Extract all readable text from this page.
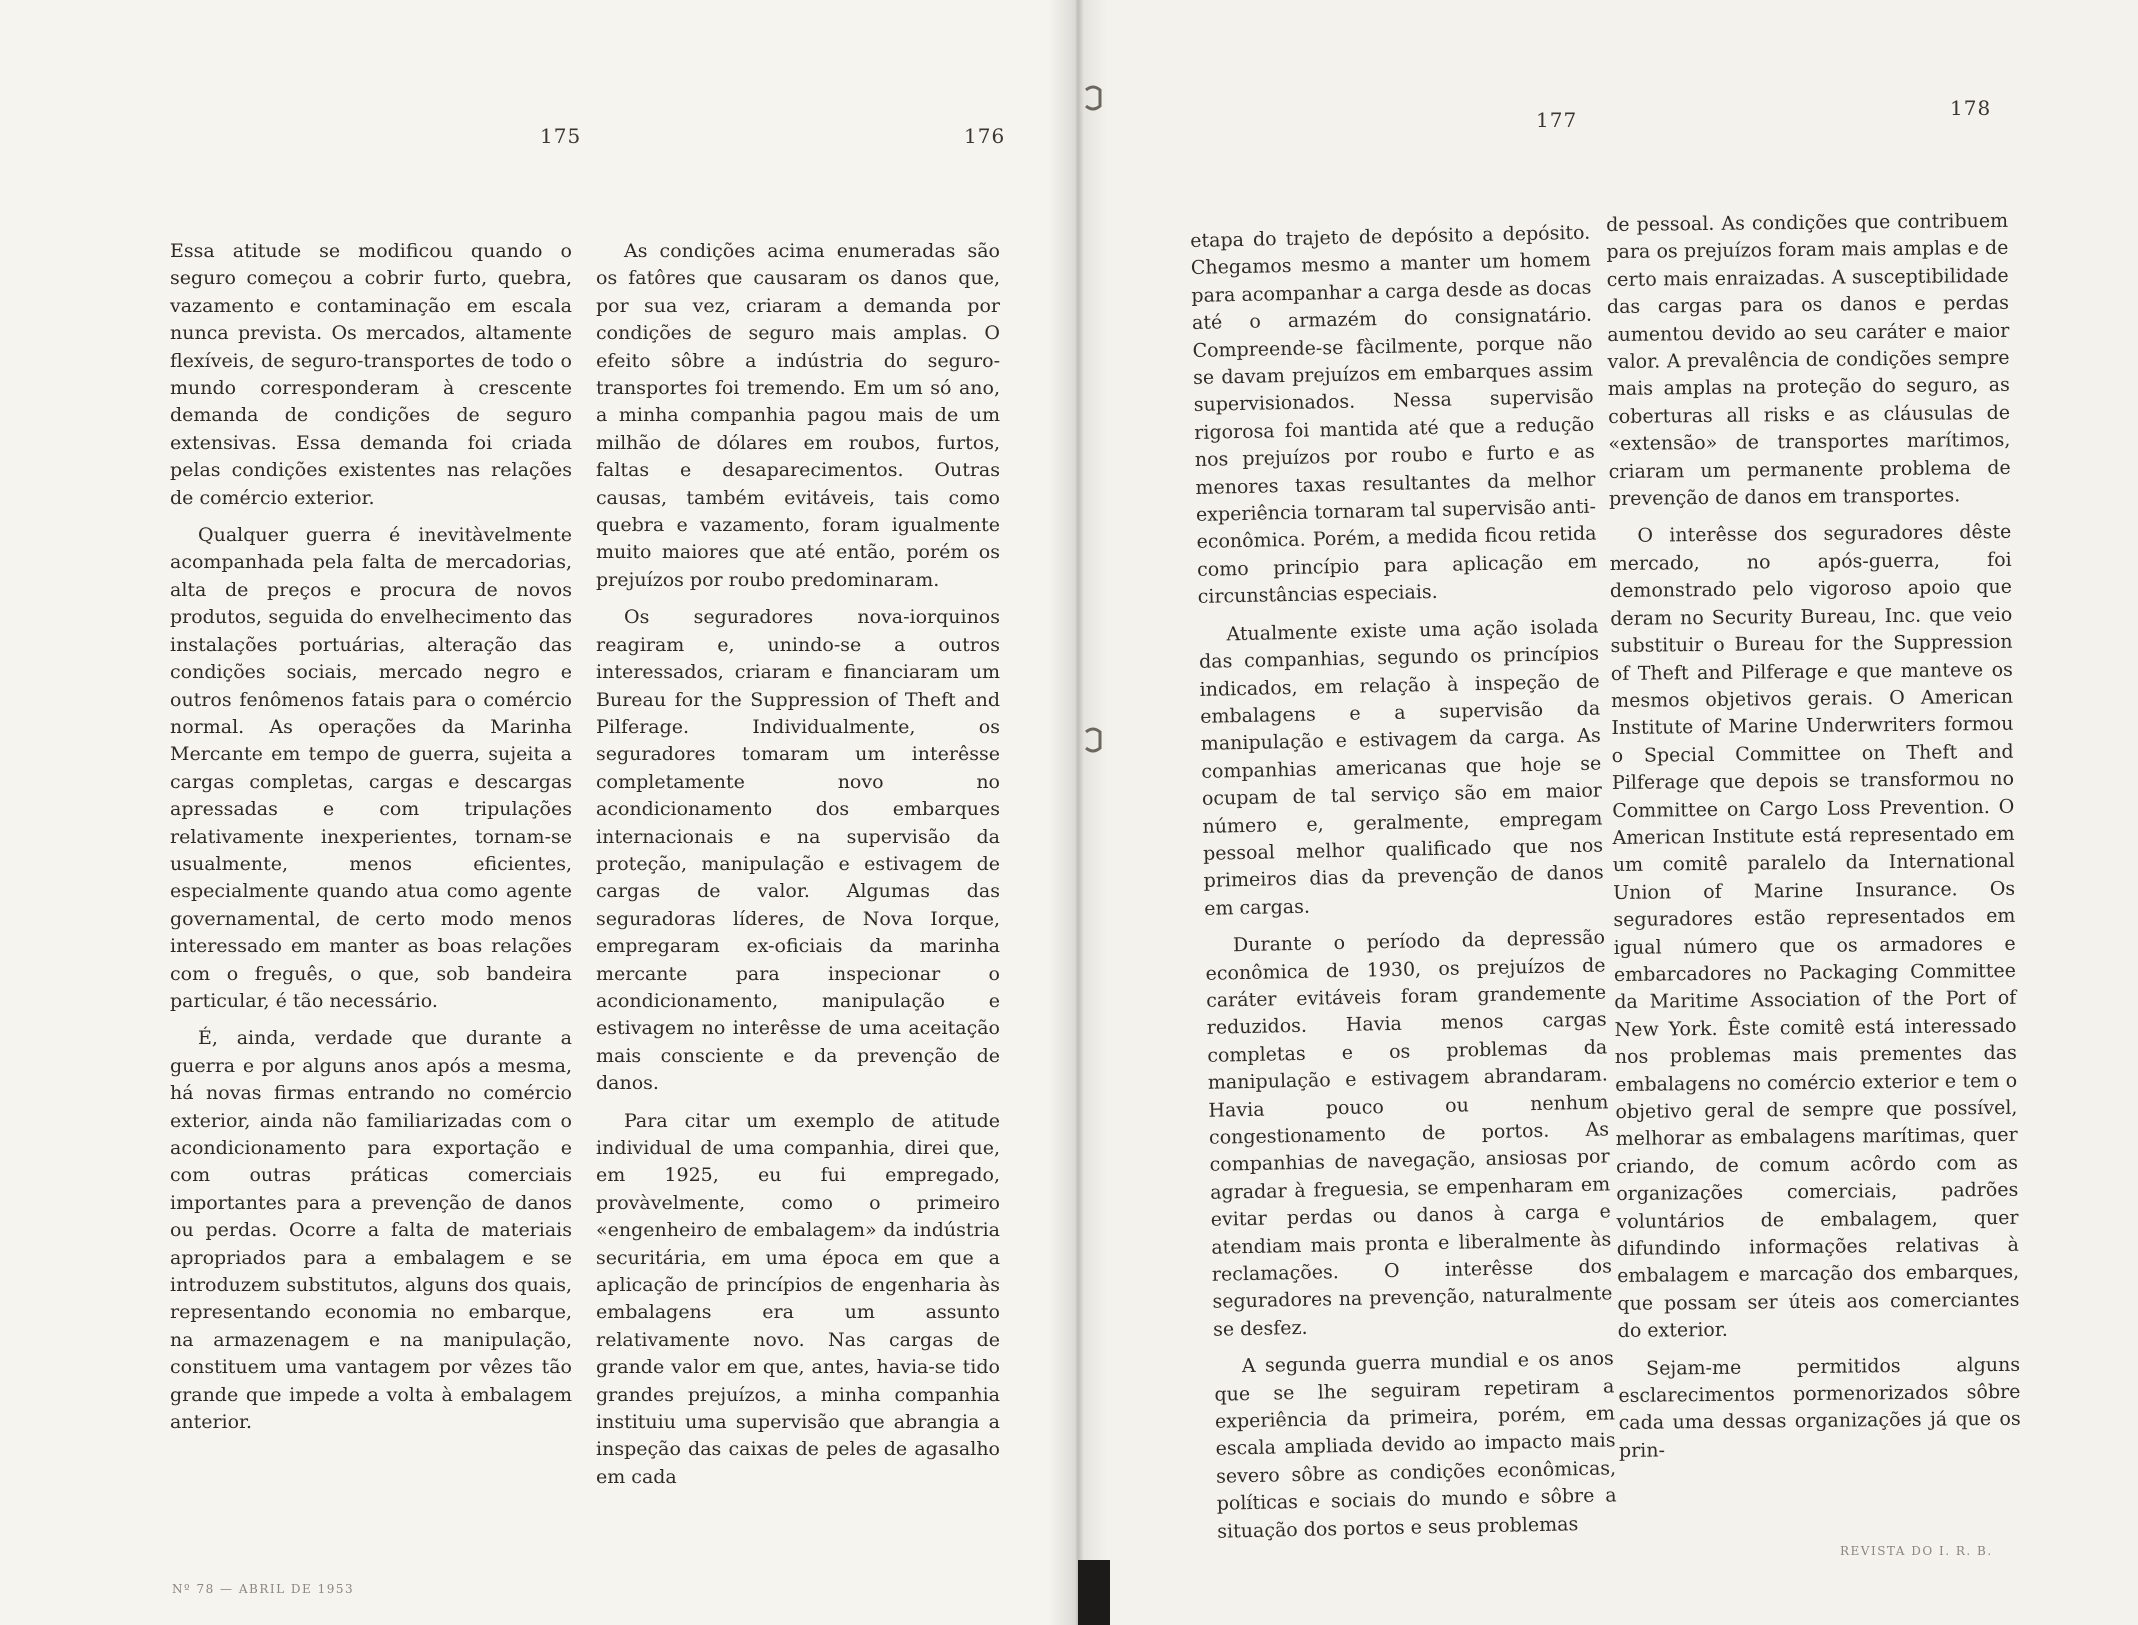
175

Essa atitude se modificou quando o seguro começou a cobrir furto, quebra, vazamento e contaminação em escala nunca prevista. Os mercados, altamente flexíveis, de seguro-transportes de todo o mundo corresponderam à crescente demanda de condições de seguro extensivas. Essa demanda foi criada pelas condições existentes nas relações de comércio exterior.

Qualquer guerra é inevitàvelmente acompanhada pela falta de mercadorias, alta de preços e procura de novos produtos, seguida do envelhecimento das instalações portuárias, alteração das condições sociais, mercado negro e outros fenômenos fatais para o comércio normal. As operações da Marinha Mercante em tempo de guerra, sujeita a cargas completas, cargas e descargas apressadas e com tripulações relativamente inexperientes, tornam-se usualmente, menos eficientes, especialmente quando atua como agente governamental, de certo modo menos interessado em manter as boas relações com o freguês, o que, sob bandeira particular, é tão necessário.

É, ainda, verdade que durante a guerra e por alguns anos após a mesma, há novas firmas entrando no comércio exterior, ainda não familiarizadas com o acondicionamento para exportação e com outras práticas comerciais importantes para a prevenção de danos ou perdas. Ocorre a falta de materiais apropriados para a embalagem e se introduzem substitutos, alguns dos quais, representando economia no embarque, na armazenagem e na manipulação, constituem uma vantagem por vêzes tão grande que impede a volta à embalagem anterior.

Nº 78 — ABRIL DE 1953
176

As condições acima enumeradas são os fatôres que causaram os danos que, por sua vez, criaram a demanda por condições de seguro mais amplas. O efeito sôbre a indústria do seguro-transportes foi tremendo. Em um só ano, a minha companhia pagou mais de um milhão de dólares em roubos, furtos, faltas e desaparecimentos. Outras causas, também evitáveis, tais como quebra e vazamento, foram igualmente muito maiores que até então, porém os prejuízos por roubo predominaram.

Os seguradores nova-iorquinos reagiram e, unindo-se a outros interessados, criaram e financiaram um Bureau for the Suppression of Theft and Pilferage. Individualmente, os seguradores tomaram um interêsse completamente novo no acondicionamento dos embarques internacionais e na supervisão da proteção, manipulação e estivagem de cargas de valor. Algumas das seguradoras líderes, de Nova Iorque, empregaram ex-oficiais da marinha mercante para inspecionar o acondicionamento, manipulação e estivagem no interêsse de uma aceitação mais consciente e da prevenção de danos.

Para citar um exemplo de atitude individual de uma companhia, direi que, em 1925, eu fui empregado, provàvelmente, como o primeiro «engenheiro de embalagem» da indústria securitária, em uma época em que a aplicação de princípios de engenharia às embalagens era um assunto relativamente novo. Nas cargas de grande valor em que, antes, havia-se tido grandes prejuízos, a minha companhia instituiu uma supervisão que abrangia a inspeção das caixas de peles de agasalho em cada

177

etapa do trajeto de depósito a depósito. Chegamos mesmo a manter um homem para acompanhar a carga desde as docas até o armazém do consignatário. Compreende-se fàcilmente, porque não se davam prejuízos em embarques assim supervisionados. Nessa supervisão rigorosa foi mantida até que a redução nos prejuízos por roubo e furto e as menores taxas resultantes da melhor experiência tornaram tal supervisão anti-econômica. Porém, a medida ficou retida como princípio para aplicação em circunstâncias especiais.

Atualmente existe uma ação isolada das companhias, segundo os princípios indicados, em relação à inspeção de embalagens e a supervisão da manipulação e estivagem da carga. As companhias americanas que hoje se ocupam de tal serviço são em maior número e, geralmente, empregam pessoal melhor qualificado que nos primeiros dias da prevenção de danos em cargas.

Durante o período da depressão econômica de 1930, os prejuízos de caráter evitáveis foram grandemente reduzidos. Havia menos cargas completas e os problemas da manipulação e estivagem abrandaram. Havia pouco ou nenhum congestionamento de portos. As companhias de navegação, ansiosas por agradar à freguesia, se empenharam em evitar perdas ou danos à carga e atendiam mais pronta e liberalmente às reclamações. O interêsse dos seguradores na prevenção, naturalmente se desfez.

A segunda guerra mundial e os anos que se lhe seguiram repetiram a experiência da primeira, porém, em escala ampliada devido ao impacto mais severo sôbre as condições econômicas, políticas e sociais do mundo e sôbre a situação dos portos e seus problemas

178

de pessoal. As condições que contribuem para os prejuízos foram mais amplas e de certo mais enraizadas. A susceptibilidade das cargas para os danos e perdas aumentou devido ao seu caráter e maior valor. A prevalência de condições sempre mais amplas na proteção do seguro, as coberturas all risks e as cláusulas de «extensão» de transportes marítimos, criaram um permanente problema de prevenção de danos em transportes.

O interêsse dos seguradores dêste mercado, no após-guerra, foi demonstrado pelo vigoroso apoio que deram no Security Bureau, Inc. que veio substituir o Bureau for the Suppression of Theft and Pilferage e que manteve os mesmos objetivos gerais. O American Institute of Marine Underwriters formou o Special Committee on Theft and Pilferage que depois se transformou no Committee on Cargo Loss Prevention. O American Institute está representado em um comitê paralelo da International Union of Marine Insurance. Os seguradores estão representados em igual número que os armadores e embarcadores no Packaging Committee da Maritime Association of the Port of New York. Êste comitê está interessado nos problemas mais prementes das embalagens no comércio exterior e tem o objetivo geral de sempre que possível, melhorar as embalagens marítimas, quer criando, de comum acôrdo com as organizações comerciais, padrões voluntários de embalagem, quer difundindo informações relativas à embalagem e marcação dos embarques, que possam ser úteis aos comerciantes do exterior.

Sejam-me permitidos alguns esclarecimentos pormenorizados sôbre cada uma dessas organizações já que os prin-

REVISTA DO I. R. B.
